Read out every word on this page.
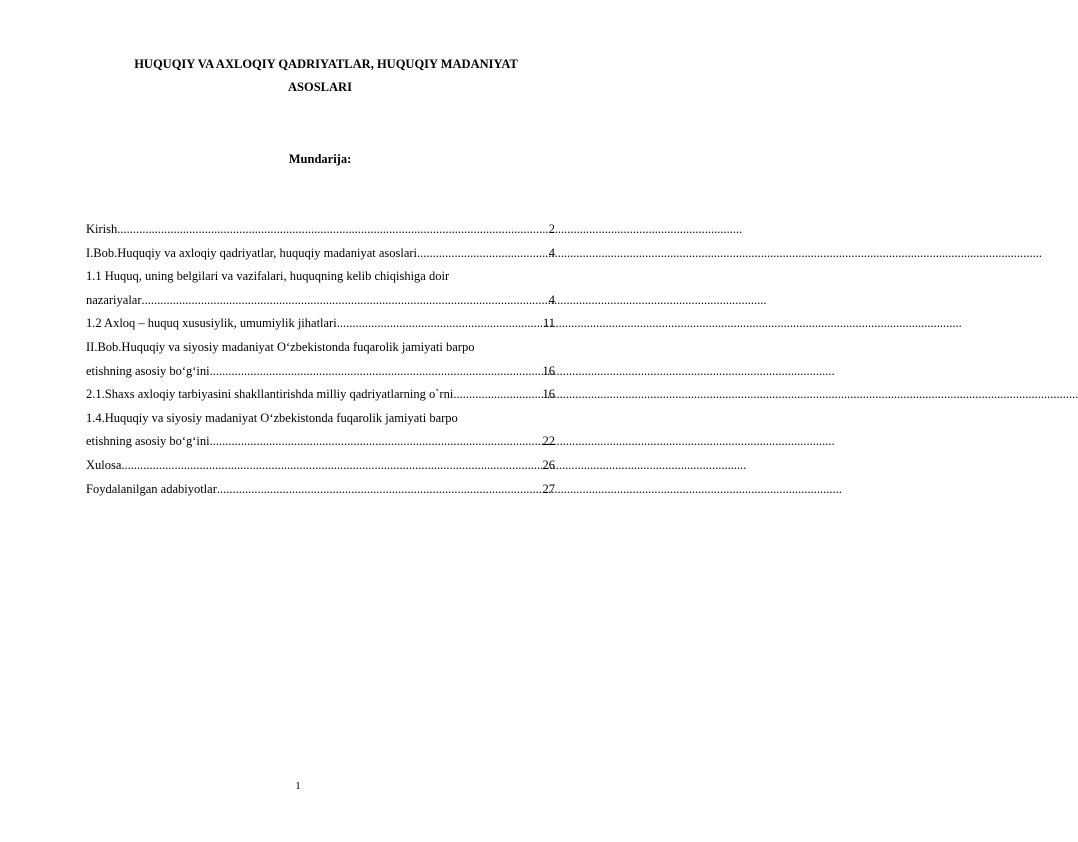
HUQUQIY VA AXLOQIY QADRIYATLAR, HUQUQIY MADANIYAT
ASOSLARI
Mundarija:
Kirish .....	2
I.Bob.Huquqiy va axloqiy qadriyatlar, huquqiy madaniyat asoslari .....	4
1.1 Huquq, uning belgilari va vazifalari, huquqning kelib chiqishiga doir
nazariyalar .....	4
1.2 Axloq – huquq xususiylik, umumiylik jihatlari .....	11
II.Bob.Huquqiy va siyosiy madaniyat O‘zbekistonda fuqarolik jamiyati barpo
etishning asosiy bo‘g‘ini .....	16
2.1.Shaxs axloqiy tarbiyasini shakllantirishda milliy qadriyatlarning o`rni .....	16
1.4.Huquqiy va siyosiy madaniyat O‘zbekistonda fuqarolik jamiyati barpo
etishning asosiy bo‘g‘ini .....	22
Xulosa .....	26
Foydalanilgan adabiyotlar .....	27
1
